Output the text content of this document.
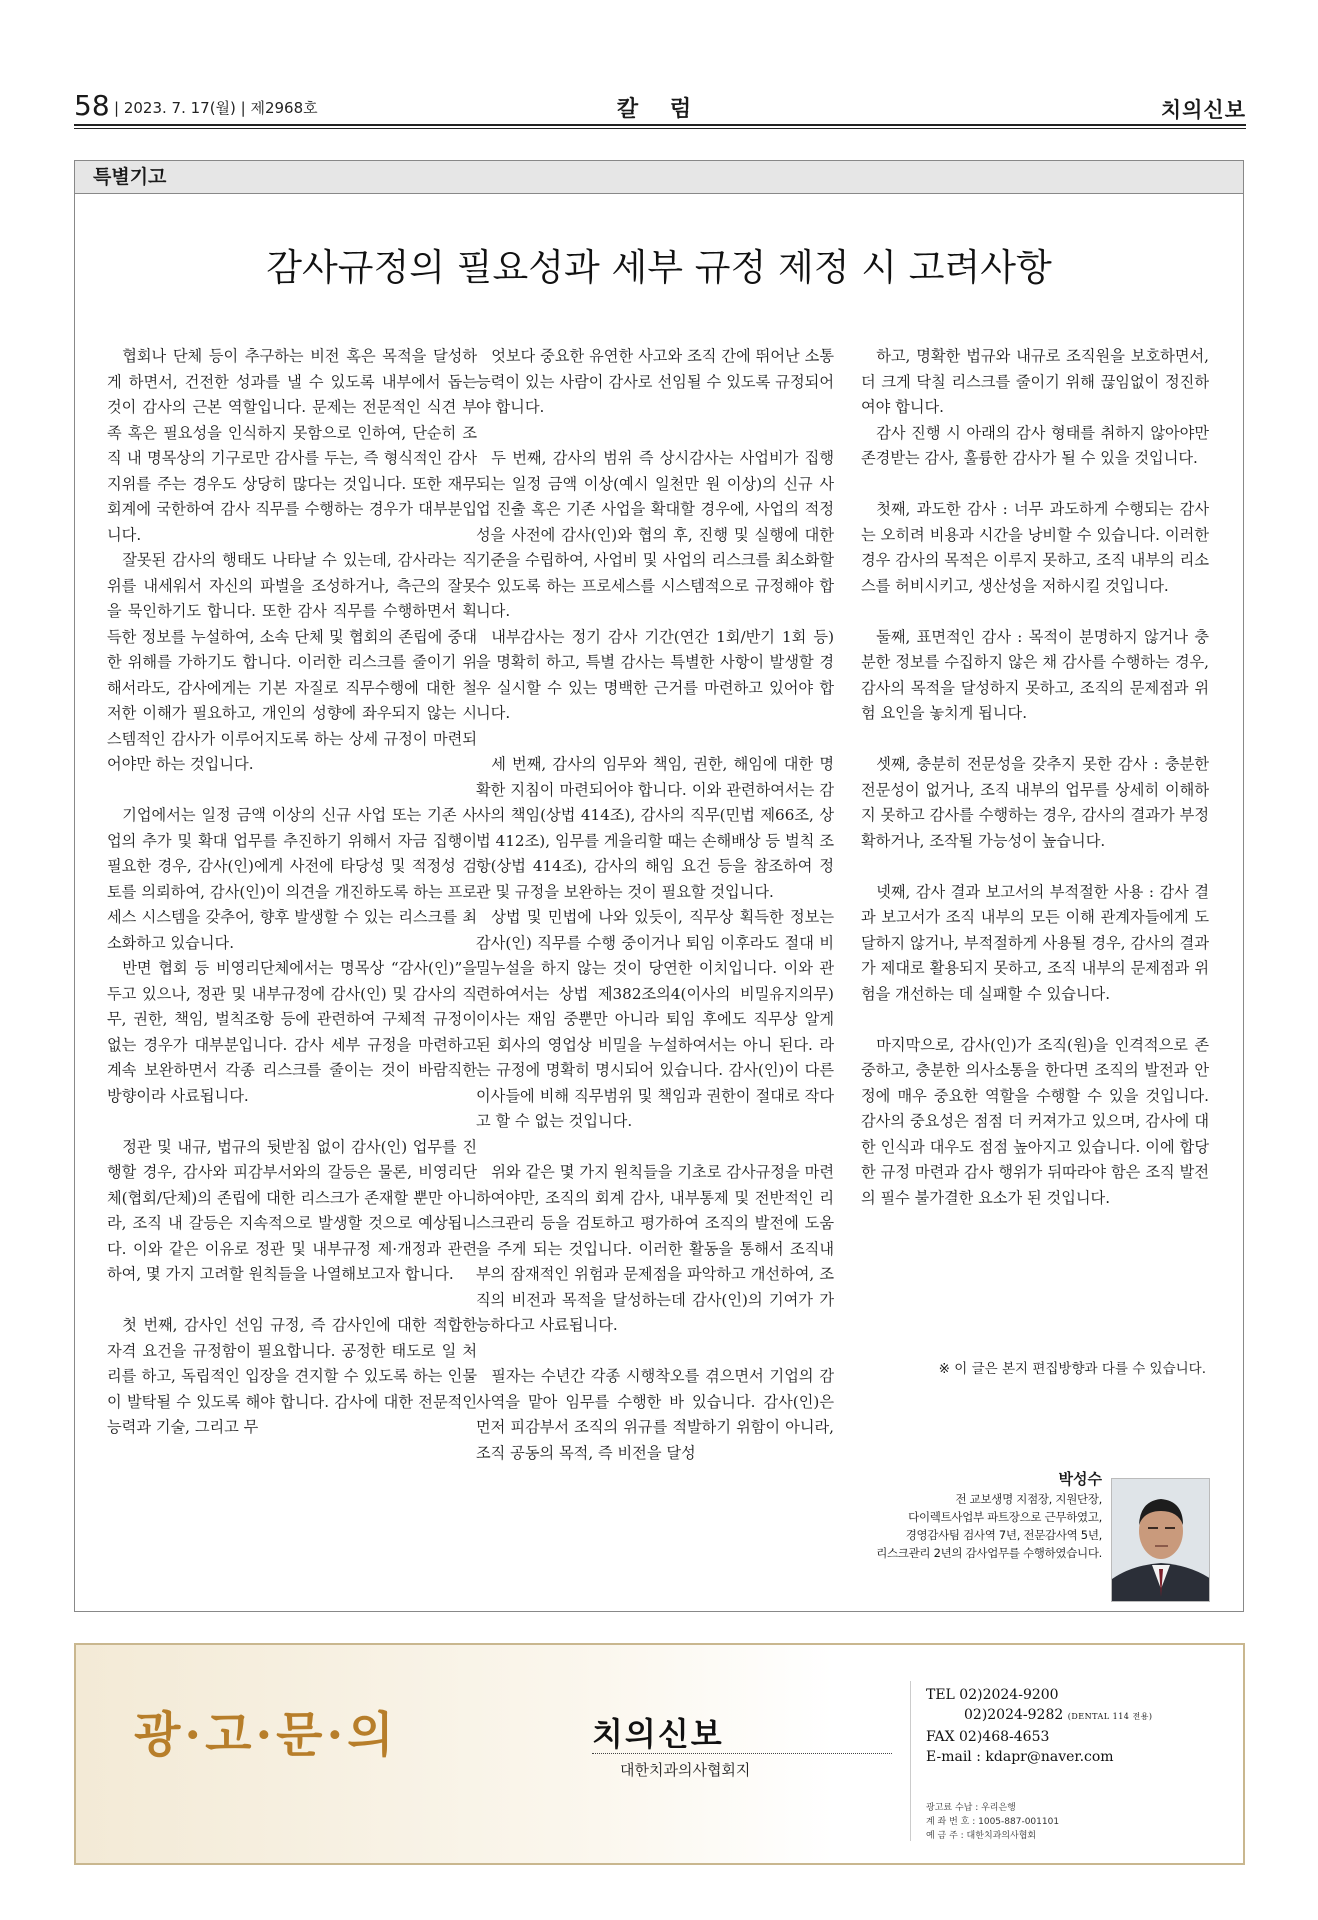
58 | 2023. 7. 17(월) | 제2968호	칼 럼	치의신보
특별기고
감사규정의 필요성과 세부 규정 제정 시 고려사항

협회나 단체 등이 추구하는 비전 혹은 목적을 달성하게 하면서, 건전한 성과를 낼 수 있도록 내부에서 돕는 것이 감사의 근본 역할입니다. 문제는 전문적인 식견 부족 혹은 필요성을 인식하지 못함으로 인하여, 단순히 조직 내 명목상의 기구로만 감사를 두는, 즉 형식적인 감사 지위를 주는 경우도 상당히 많다는 것입니다. 또한 재무 회계에 국한하여 감사 직무를 수행하는 경우가 대부분입니다.

잘못된 감사의 행태도 나타날 수 있는데, 감사라는 직위를 내세워서 자신의 파벌을 조성하거나, 측근의 잘못을 묵인하기도 합니다. 또한 감사 직무를 수행하면서 획득한 정보를 누설하여, 소속 단체 및 협회의 존립에 중대한 위해를 가하기도 합니다. 이러한 리스크를 줄이기 위해서라도, 감사에게는 기본 자질로 직무수행에 대한 철저한 이해가 필요하고, 개인의 성향에 좌우되지 않는 시스템적인 감사가 이루어지도록 하는 상세 규정이 마련되어야만 하는 것입니다.

기업에서는 일정 금액 이상의 신규 사업 또는 기존 사업의 추가 및 확대 업무를 추진하기 위해서 자금 집행이 필요한 경우, 감사(인)에게 사전에 타당성 및 적정성 검토를 의뢰하여, 감사(인)이 의견을 개진하도록 하는 프로세스 시스템을 갖추어, 향후 발생할 수 있는 리스크를 최소화하고 있습니다.

반면 협회 등 비영리단체에서는 명목상 “감사(인)”을 두고 있으나, 정관 및 내부규정에 감사(인) 및 감사의 직무, 권한, 책임, 벌칙조항 등에 관련하여 구체적 규정이 없는 경우가 대부분입니다. 감사 세부 규정을 마련하고 계속 보완하면서 각종 리스크를 줄이는 것이 바람직한 방향이라 사료됩니다.

정관 및 내규, 법규의 뒷받침 없이 감사(인) 업무를 진행할 경우, 감사와 피감부서와의 갈등은 물론, 비영리단체(협회/단체)의 존립에 대한 리스크가 존재할 뿐만 아니라, 조직 내 갈등은 지속적으로 발생할 것으로 예상됩니다. 이와 같은 이유로 정관 및 내부규정 제·개정과 관련하여, 몇 가지 고려할 원칙들을 나열해보고자 합니다.

첫 번째, 감사인 선임 규정, 즉 감사인에 대한 적합한 자격 요건을 규정함이 필요합니다. 공정한 태도로 일 처리를 하고, 독립적인 입장을 견지할 수 있도록 하는 인물이 발탁될 수 있도록 해야 합니다. 감사에 대한 전문적인 능력과 기술, 그리고 무

엇보다 중요한 유연한 사고와 조직 간에 뛰어난 소통능력이 있는 사람이 감사로 선임될 수 있도록 규정되어야 합니다.

두 번째, 감사의 범위 즉 상시감사는 사업비가 집행되는 일정 금액 이상(예시 일천만 원 이상)의 신규 사업 진출 혹은 기존 사업을 확대할 경우에, 사업의 적정성을 사전에 감사(인)와 협의 후, 진행 및 실행에 대한 기준을 수립하여, 사업비 및 사업의 리스크를 최소화할 수 있도록 하는 프로세스를 시스템적으로 규정해야 합니다.

내부감사는 정기 감사 기간(연간 1회/반기 1회 등)을 명확히 하고, 특별 감사는 특별한 사항이 발생할 경우 실시할 수 있는 명백한 근거를 마련하고 있어야 합니다.

세 번째, 감사의 임무와 책임, 권한, 해임에 대한 명확한 지침이 마련되어야 합니다. 이와 관련하여서는 감사의 책임(상법 414조), 감사의 직무(민법 제66조, 상법 412조), 임무를 게을리할 때는 손해배상 등 벌칙 조항(상법 414조), 감사의 해임 요건 등을 참조하여 정관 및 규정을 보완하는 것이 필요할 것입니다.

상법 및 민법에 나와 있듯이, 직무상 획득한 정보는 감사(인) 직무를 수행 중이거나 퇴임 이후라도 절대 비밀누설을 하지 않는 것이 당연한 이치입니다. 이와 관련하여서는 상법 제382조의4(이사의 비밀유지의무) 이사는 재임 중뿐만 아니라 퇴임 후에도 직무상 알게 된 회사의 영업상 비밀을 누설하여서는 아니 된다. 라는 규정에 명확히 명시되어 있습니다. 감사(인)이 다른 이사들에 비해 직무범위 및 책임과 권한이 절대로 작다고 할 수 없는 것입니다.

위와 같은 몇 가지 원칙들을 기초로 감사규정을 마련하여야만, 조직의 회계 감사, 내부통제 및 전반적인 리스크관리 등을 검토하고 평가하여 조직의 발전에 도움을 주게 되는 것입니다. 이러한 활동을 통해서 조직내부의 잠재적인 위험과 문제점을 파악하고 개선하여, 조직의 비전과 목적을 달성하는데 감사(인)의 기여가 가능하다고 사료됩니다.

필자는 수년간 각종 시행착오를 겪으면서 기업의 감사역을 맡아 임무를 수행한 바 있습니다. 감사(인)은 먼저 피감부서 조직의 위규를 적발하기 위함이 아니라, 조직 공동의 목적, 즉 비전을 달성

하고, 명확한 법규와 내규로 조직원을 보호하면서, 더 크게 닥칠 리스크를 줄이기 위해 끊임없이 정진하여야 합니다.

감사 진행 시 아래의 감사 형태를 취하지 않아야만 존경받는 감사, 훌륭한 감사가 될 수 있을 것입니다.

첫째, 과도한 감사 : 너무 과도하게 수행되는 감사는 오히려 비용과 시간을 낭비할 수 있습니다. 이러한 경우 감사의 목적은 이루지 못하고, 조직 내부의 리소스를 허비시키고, 생산성을 저하시킬 것입니다.

둘째, 표면적인 감사 : 목적이 분명하지 않거나 충분한 정보를 수집하지 않은 채 감사를 수행하는 경우, 감사의 목적을 달성하지 못하고, 조직의 문제점과 위험 요인을 놓치게 됩니다.

셋째, 충분히 전문성을 갖추지 못한 감사 : 충분한 전문성이 없거나, 조직 내부의 업무를 상세히 이해하지 못하고 감사를 수행하는 경우, 감사의 결과가 부정확하거나, 조작될 가능성이 높습니다.

넷째, 감사 결과 보고서의 부적절한 사용 : 감사 결과 보고서가 조직 내부의 모든 이해 관계자들에게 도달하지 않거나, 부적절하게 사용될 경우, 감사의 결과가 제대로 활용되지 못하고, 조직 내부의 문제점과 위험을 개선하는 데 실패할 수 있습니다.

마지막으로, 감사(인)가 조직(원)을 인격적으로 존중하고, 충분한 의사소통을 한다면 조직의 발전과 안정에 매우 중요한 역할을 수행할 수 있을 것입니다. 감사의 중요성은 점점 더 커져가고 있으며, 감사에 대한 인식과 대우도 점점 높아지고 있습니다. 이에 합당한 규정 마련과 감사 행위가 뒤따라야 함은 조직 발전의 필수 불가결한 요소가 된 것입니다.

※ 이 글은 본지 편집방향과 다를 수 있습니다.
박성수
전 교보생명 지점장, 지원단장,
다이렉트사업부 파트장으로 근무하였고,
경영감사팀 검사역 7년, 전문감사역 5년,
리스크관리 2년의 감사업무를 수행하였습니다.
광·고·문·의	치의신보
대한치과의사협회지
TEL 02)2024-9200
02)2024-9282 (DENTAL 114 전용)
FAX 02)468-4653
E-mail : kdapr@naver.com
광고료 수납 : 우리은행
계 좌 번 호 : 1005-887-001101
예 금 주 : 대한치과의사협회
